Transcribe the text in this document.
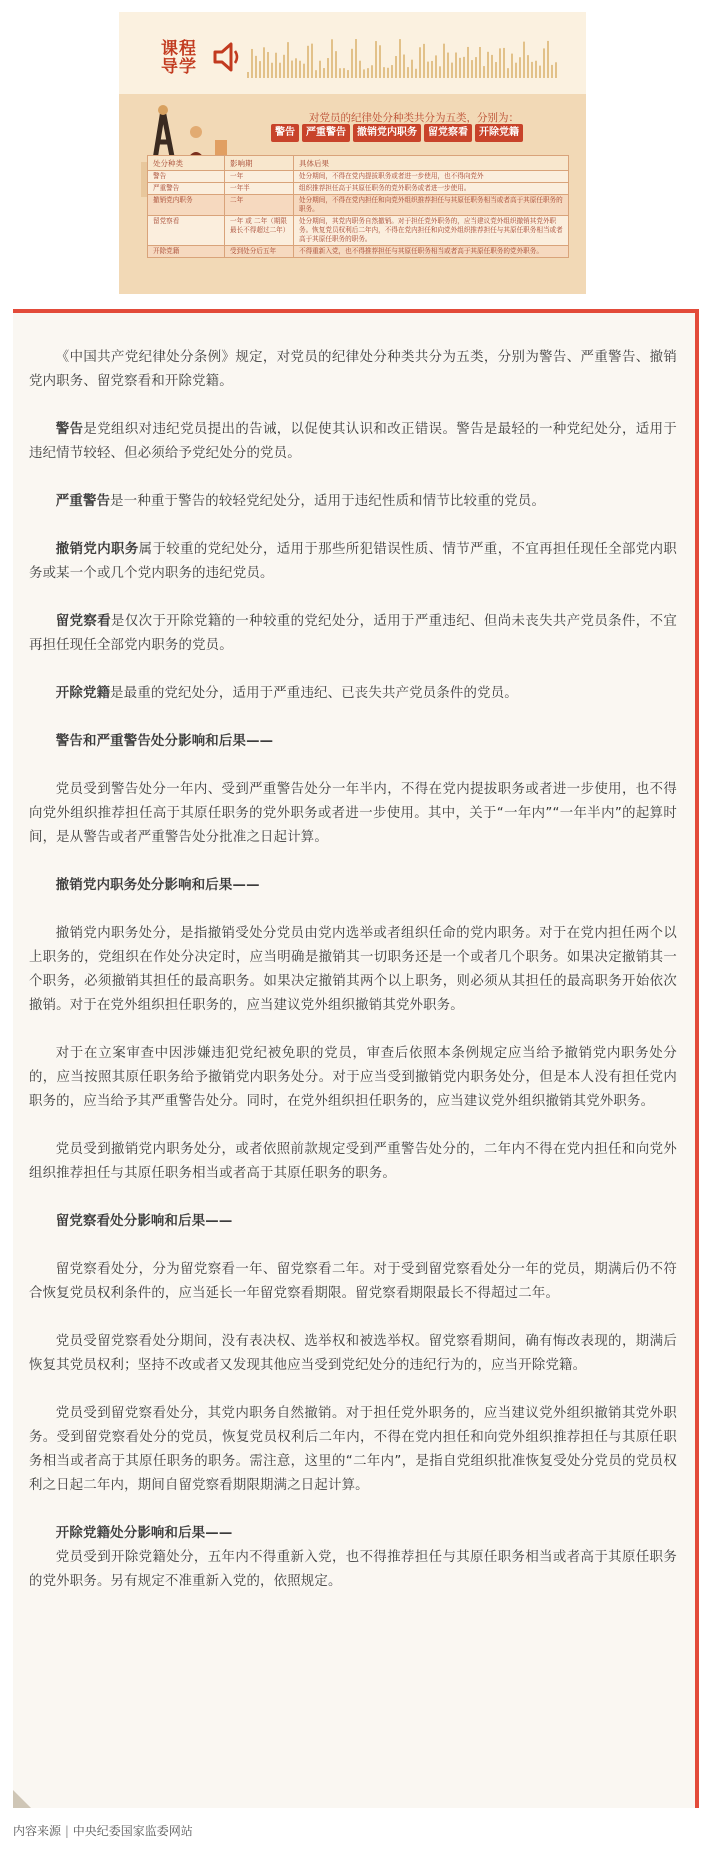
课程导学
对党员的纪律处分种类共分为五类，分别为：
警告	严重警告	撤销党内职务	留党察看	开除党籍
处分种类	影响期	具体后果
警告	一年	处分期间，不得在党内提拔职务或者进一步使用，也不得向党外
严重警告	一年半	组织推荐担任高于其原任职务的党外职务或者进一步使用。
撤销党内职务	二年	处分期间，不得在党内担任和向党外组织推荐担任与其原任职务相当或者高于其原任职务的职务。
留党察看	一年 或 二年（期限最长不得超过二年）	处分期间，其党内职务自然撤销。对于担任党外职务的，应当建议党外组织撤销其党外职务。恢复党员权利后二年内，不得在党内担任和向党外组织推荐担任与其原任职务相当或者高于其原任职务的职务。
开除党籍	受到处分后五年	不得重新入党，也不得推荐担任与其原任职务相当或者高于其原任职务的党外职务。

《中国共产党纪律处分条例》规定，对党员的纪律处分种类共分为五类，分别为警告、严重警告、撤销党内职务、留党察看和开除党籍。

警告是党组织对违纪党员提出的告诫，以促使其认识和改正错误。警告是最轻的一种党纪处分，适用于违纪情节较轻、但必须给予党纪处分的党员。

严重警告是一种重于警告的较轻党纪处分，适用于违纪性质和情节比较重的党员。

撤销党内职务属于较重的党纪处分，适用于那些所犯错误性质、情节严重，不宜再担任现任全部党内职务或某一个或几个党内职务的违纪党员。

留党察看是仅次于开除党籍的一种较重的党纪处分，适用于严重违纪、但尚未丧失共产党员条件，不宜再担任现任全部党内职务的党员。

开除党籍是最重的党纪处分，适用于严重违纪、已丧失共产党员条件的党员。

警告和严重警告处分影响和后果——

党员受到警告处分一年内、受到严重警告处分一年半内，不得在党内提拔职务或者进一步使用，也不得向党外组织推荐担任高于其原任职务的党外职务或者进一步使用。其中，关于“一年内”“一年半内”的起算时间，是从警告或者严重警告处分批准之日起计算。

撤销党内职务处分影响和后果——

撤销党内职务处分，是指撤销受处分党员由党内选举或者组织任命的党内职务。对于在党内担任两个以上职务的，党组织在作处分决定时，应当明确是撤销其一切职务还是一个或者几个职务。如果决定撤销其一个职务，必须撤销其担任的最高职务。如果决定撤销其两个以上职务，则必须从其担任的最高职务开始依次撤销。对于在党外组织担任职务的，应当建议党外组织撤销其党外职务。

对于在立案审查中因涉嫌违犯党纪被免职的党员，审查后依照本条例规定应当给予撤销党内职务处分的，应当按照其原任职务给予撤销党内职务处分。对于应当受到撤销党内职务处分，但是本人没有担任党内职务的，应当给予其严重警告处分。同时，在党外组织担任职务的，应当建议党外组织撤销其党外职务。

党员受到撤销党内职务处分，或者依照前款规定受到严重警告处分的，二年内不得在党内担任和向党外组织推荐担任与其原任职务相当或者高于其原任职务的职务。

留党察看处分影响和后果——

留党察看处分，分为留党察看一年、留党察看二年。对于受到留党察看处分一年的党员，期满后仍不符合恢复党员权利条件的，应当延长一年留党察看期限。留党察看期限最长不得超过二年。

党员受留党察看处分期间，没有表决权、选举权和被选举权。留党察看期间，确有悔改表现的，期满后恢复其党员权利；坚持不改或者又发现其他应当受到党纪处分的违纪行为的，应当开除党籍。

党员受到留党察看处分，其党内职务自然撤销。对于担任党外职务的，应当建议党外组织撤销其党外职务。受到留党察看处分的党员，恢复党员权利后二年内，不得在党内担任和向党外组织推荐担任与其原任职务相当或者高于其原任职务的职务。需注意，这里的“二年内”，是指自党组织批准恢复受处分党员的党员权利之日起二年内，期间自留党察看期限期满之日起计算。

开除党籍处分影响和后果——

党员受到开除党籍处分，五年内不得重新入党，也不得推荐担任与其原任职务相当或者高于其原任职务的党外职务。另有规定不准重新入党的，依照规定。

内容来源 | 中央纪委国家监委网站
